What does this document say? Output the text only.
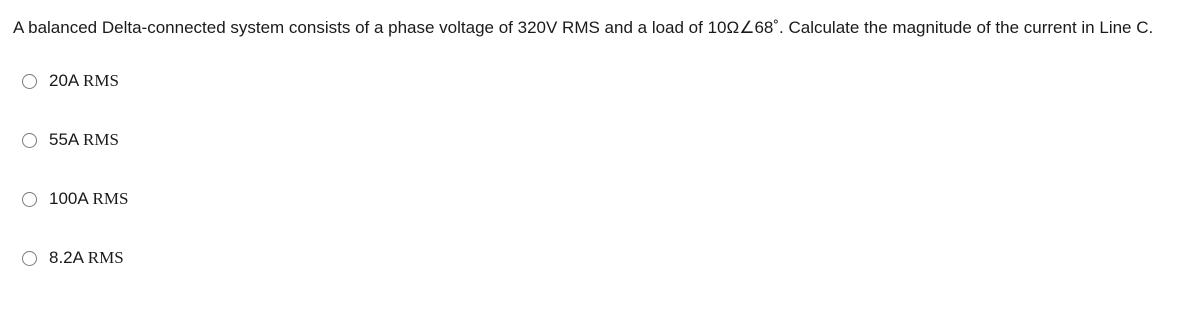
A balanced Delta-connected system consists of a phase voltage of 320V RMS and a load of 10Ω∠68˚. Calculate the magnitude of the current in Line C.

20A RMS
55A RMS
100A RMS
8.2A RMS
